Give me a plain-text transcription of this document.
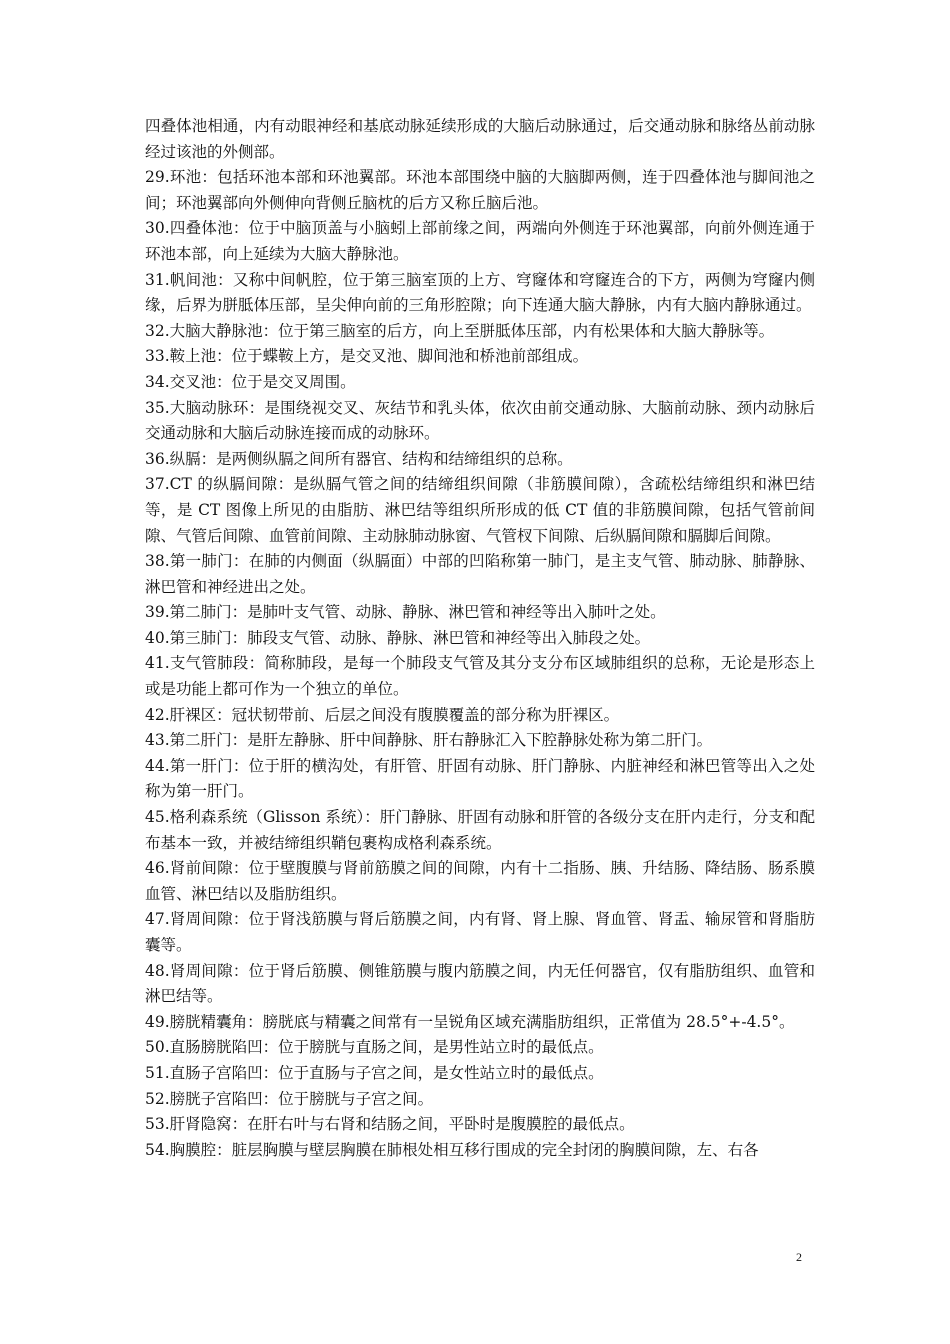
四叠体池相通，内有动眼神经和基底动脉延续形成的大脑后动脉通过，后交通动脉和脉络丛前动脉经过该池的外侧部。

29.环池：包括环池本部和环池翼部。环池本部围绕中脑的大脑脚两侧，连于四叠体池与脚间池之间；环池翼部向外侧伸向背侧丘脑枕的后方又称丘脑后池。

30.四叠体池：位于中脑顶盖与小脑蚓上部前缘之间，两端向外侧连于环池翼部，向前外侧连通于环池本部，向上延续为大脑大静脉池。

31.帆间池：又称中间帆腔，位于第三脑室顶的上方、穹窿体和穹窿连合的下方，两侧为穹窿内侧缘，后界为胼胝体压部，呈尖伸向前的三角形腔隙；向下连通大脑大静脉，内有大脑内静脉通过。

32.大脑大静脉池：位于第三脑室的后方，向上至胼胝体压部，内有松果体和大脑大静脉等。

33.鞍上池：位于蝶鞍上方，是交叉池、脚间池和桥池前部组成。

34.交叉池：位于是交叉周围。

35.大脑动脉环：是围绕视交叉、灰结节和乳头体，依次由前交通动脉、大脑前动脉、颈内动脉后交通动脉和大脑后动脉连接而成的动脉环。

36.纵膈：是两侧纵膈之间所有器官、结构和结缔组织的总称。

37.CT 的纵膈间隙：是纵膈气管之间的结缔组织间隙（非筋膜间隙），含疏松结缔组织和淋巴结等，是 CT 图像上所见的由脂肪、淋巴结等组织所形成的低 CT 值的非筋膜间隙，包括气管前间隙、气管后间隙、血管前间隙、主动脉肺动脉窗、气管杈下间隙、后纵膈间隙和膈脚后间隙。

38.第一肺门：在肺的内侧面（纵膈面）中部的凹陷称第一肺门，是主支气管、肺动脉、肺静脉、淋巴管和神经进出之处。

39.第二肺门：是肺叶支气管、动脉、静脉、淋巴管和神经等出入肺叶之处。

40.第三肺门：肺段支气管、动脉、静脉、淋巴管和神经等出入肺段之处。

41.支气管肺段：简称肺段，是每一个肺段支气管及其分支分布区域肺组织的总称，无论是形态上或是功能上都可作为一个独立的单位。

42.肝裸区：冠状韧带前、后层之间没有腹膜覆盖的部分称为肝裸区。

43.第二肝门：是肝左静脉、肝中间静脉、肝右静脉汇入下腔静脉处称为第二肝门。

44.第一肝门：位于肝的横沟处，有肝管、肝固有动脉、肝门静脉、内脏神经和淋巴管等出入之处称为第一肝门。

45.格利森系统（Glisson 系统）：肝门静脉、肝固有动脉和肝管的各级分支在肝内走行，分支和配布基本一致，并被结缔组织鞘包裹构成格利森系统。

46.肾前间隙：位于壁腹膜与肾前筋膜之间的间隙，内有十二指肠、胰、升结肠、降结肠、肠系膜血管、淋巴结以及脂肪组织。

47.肾周间隙：位于肾浅筋膜与肾后筋膜之间，内有肾、肾上腺、肾血管、肾盂、输尿管和肾脂肪囊等。

48.肾周间隙：位于肾后筋膜、侧锥筋膜与腹内筋膜之间，内无任何器官，仅有脂肪组织、血管和淋巴结等。

49.膀胱精囊角：膀胱底与精囊之间常有一呈锐角区域充满脂肪组织，正常值为 28.5°+-4.5°。

50.直肠膀胱陷凹：位于膀胱与直肠之间，是男性站立时的最低点。

51.直肠子宫陷凹：位于直肠与子宫之间，是女性站立时的最低点。

52.膀胱子宫陷凹：位于膀胱与子宫之间。

53.肝肾隐窝：在肝右叶与右肾和结肠之间，平卧时是腹膜腔的最低点。

54.胸膜腔：脏层胸膜与壁层胸膜在肺根处相互移行围成的完全封闭的胸膜间隙，左、右各

2
